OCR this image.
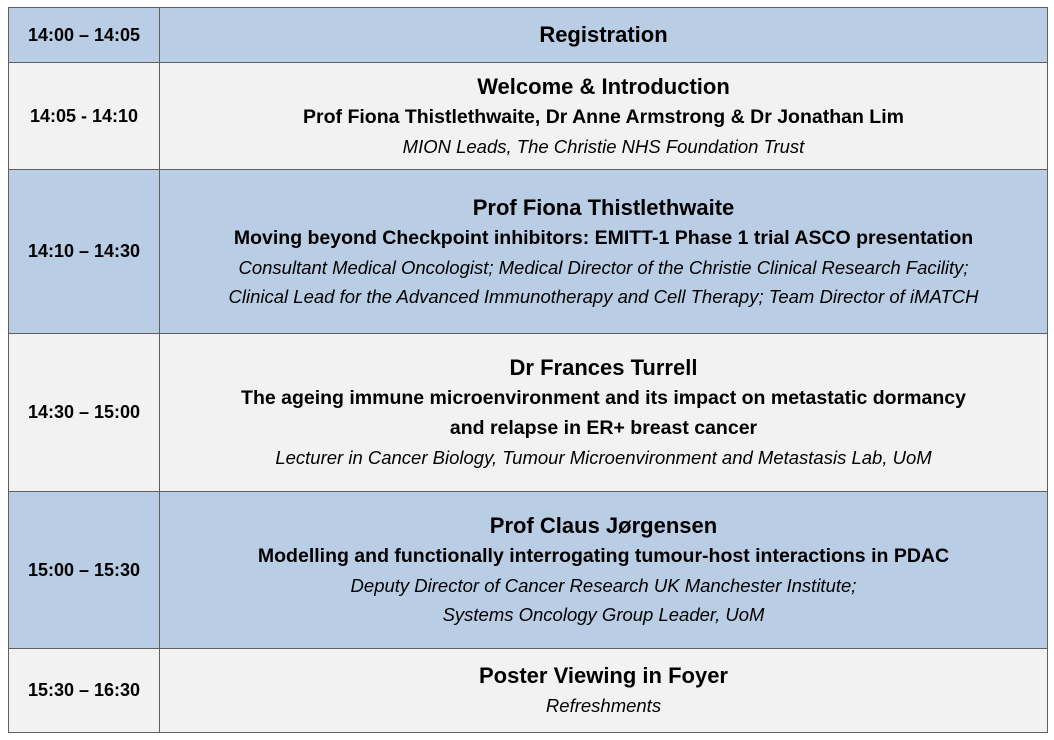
14:00 – 14:05	Registration

14:05 - 14:10	Welcome & Introduction
Prof Fiona Thistlethwaite, Dr Anne Armstrong & Dr Jonathan Lim
MION Leads, The Christie NHS Foundation Trust

14:10 – 14:30	Prof Fiona Thistlethwaite
Moving beyond Checkpoint inhibitors: EMITT-1 Phase 1 trial ASCO presentation
Consultant Medical Oncologist; Medical Director of the Christie Clinical Research Facility;
Clinical Lead for the Advanced Immunotherapy and Cell Therapy; Team Director of iMATCH

14:30 – 15:00	Dr Frances Turrell
The ageing immune microenvironment and its impact on metastatic dormancy
and relapse in ER+ breast cancer
Lecturer in Cancer Biology, Tumour Microenvironment and Metastasis Lab, UoM

15:00 – 15:30	Prof Claus Jørgensen
Modelling and functionally interrogating tumour-host interactions in PDAC
Deputy Director of Cancer Research UK Manchester Institute;
Systems Oncology Group Leader, UoM

15:30 – 16:30	Poster Viewing in Foyer
Refreshments
